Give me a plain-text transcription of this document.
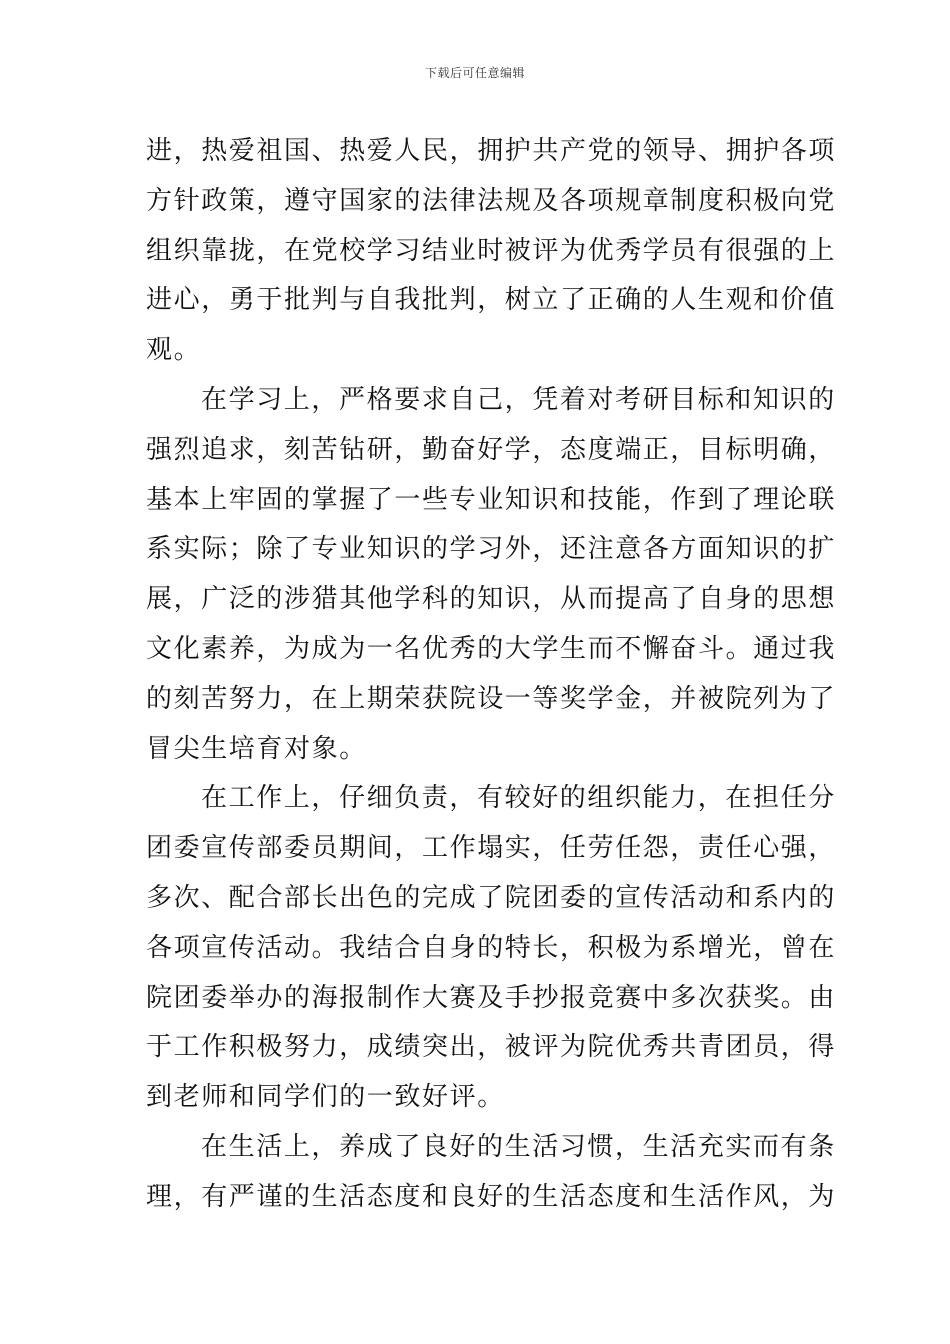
下载后可任意编辑
进，热爱祖国、热爱人民，拥护共产党的领导、拥护各项
方针政策，遵守国家的法律法规及各项规章制度积极向党
组织靠拢，在党校学习结业时被评为优秀学员有很强的上
进心，勇于批判与自我批判，树立了正确的人生观和价值
观。
在学习上，严格要求自己，凭着对考研目标和知识的
强烈追求，刻苦钻研，勤奋好学，态度端正，目标明确，
基本上牢固的掌握了一些专业知识和技能，作到了理论联
系实际；除了专业知识的学习外，还注意各方面知识的扩
展，广泛的涉猎其他学科的知识，从而提高了自身的思想
文化素养，为成为一名优秀的大学生而不懈奋斗。通过我
的刻苦努力，在上期荣获院设一等奖学金，并被院列为了
冒尖生培育对象。
在工作上，仔细负责，有较好的组织能力，在担任分
团委宣传部委员期间，工作塌实，任劳任怨，责任心强，
多次、配合部长出色的完成了院团委的宣传活动和系内的
各项宣传活动。我结合自身的特长，积极为系增光，曾在
院团委举办的海报制作大赛及手抄报竞赛中多次获奖。由
于工作积极努力，成绩突出，被评为院优秀共青团员，得
到老师和同学们的一致好评。
在生活上，养成了良好的生活习惯，生活充实而有条
理，有严谨的生活态度和良好的生活态度和生活作风，为
